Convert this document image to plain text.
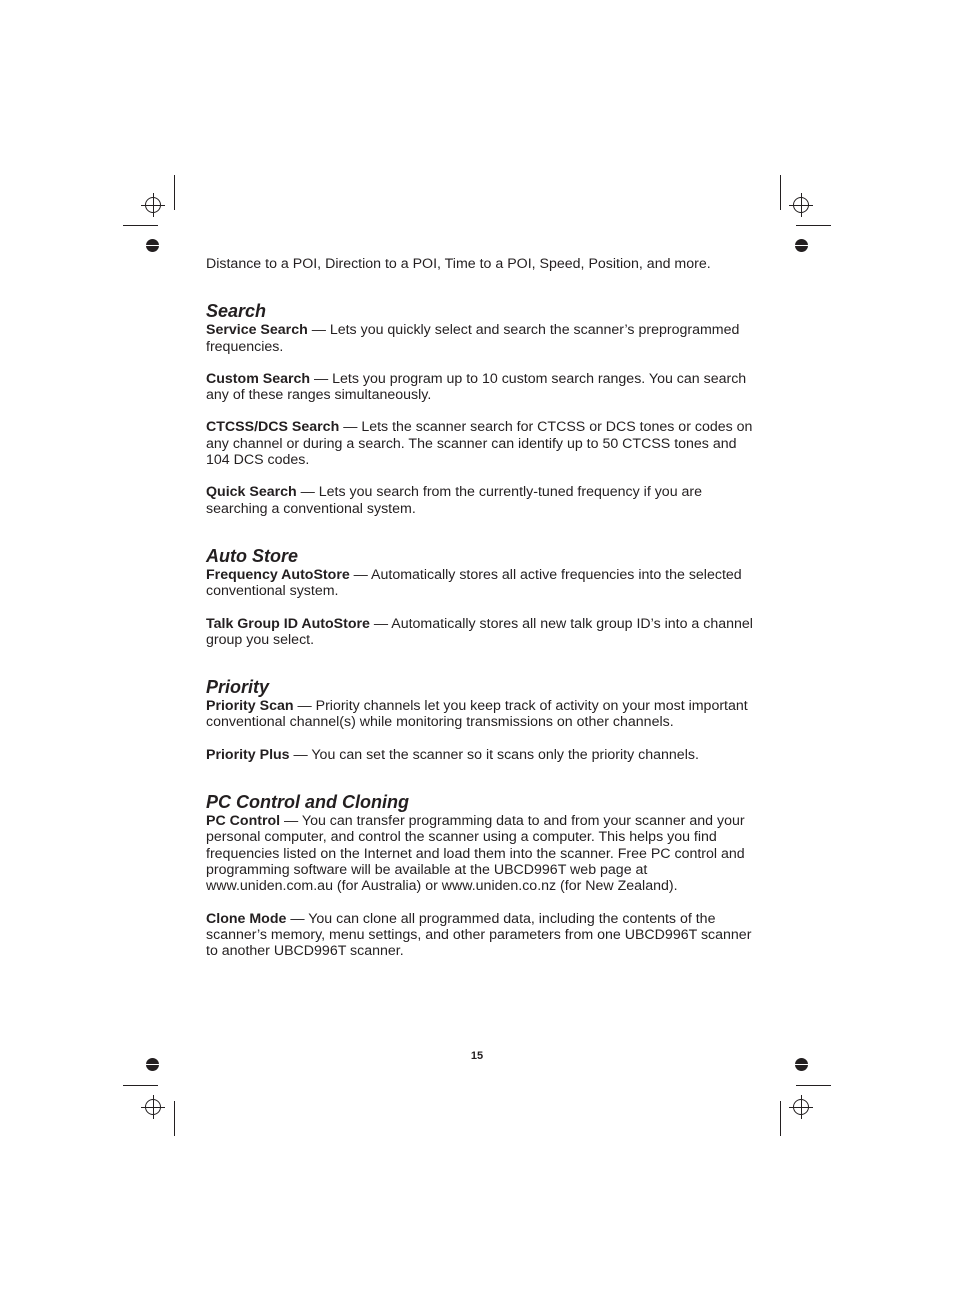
Distance to a POI, Direction to a POI, Time to a POI, Speed, Position, and more.

Search

Service Search — Lets you quickly select and search the scanner’s preprogrammed frequencies.

Custom Search — Lets you program up to 10 custom search ranges. You can search any of these ranges simultaneously.

CTCSS/DCS Search — Lets the scanner search for CTCSS or DCS tones or codes on any channel or during a search. The scanner can identify up to 50 CTCSS tones and 104 DCS codes.

Quick Search — Lets you search from the currently-tuned frequency if you are searching a conventional system.

Auto Store

Frequency AutoStore — Automatically stores all active frequencies into the selected conventional system.

Talk Group ID AutoStore — Automatically stores all new talk group ID’s into a channel group you select.

Priority

Priority Scan — Priority channels let you keep track of activity on your most important conventional channel(s) while monitoring transmissions on other channels.

Priority Plus — You can set the scanner so it scans only the priority channels.

PC Control and Cloning

PC Control — You can transfer programming data to and from your scanner and your personal computer, and control the scanner using a computer. This helps you find frequencies listed on the Internet and load them into the scanner. Free PC control and programming software will be available at the UBCD996T web page at www.uniden.com.au (for Australia) or www.uniden.co.nz (for New Zealand).

Clone Mode — You can clone all programmed data, including the contents of the scanner’s memory, menu settings, and other parameters from one UBCD996T scanner to another UBCD996T scanner.

15
